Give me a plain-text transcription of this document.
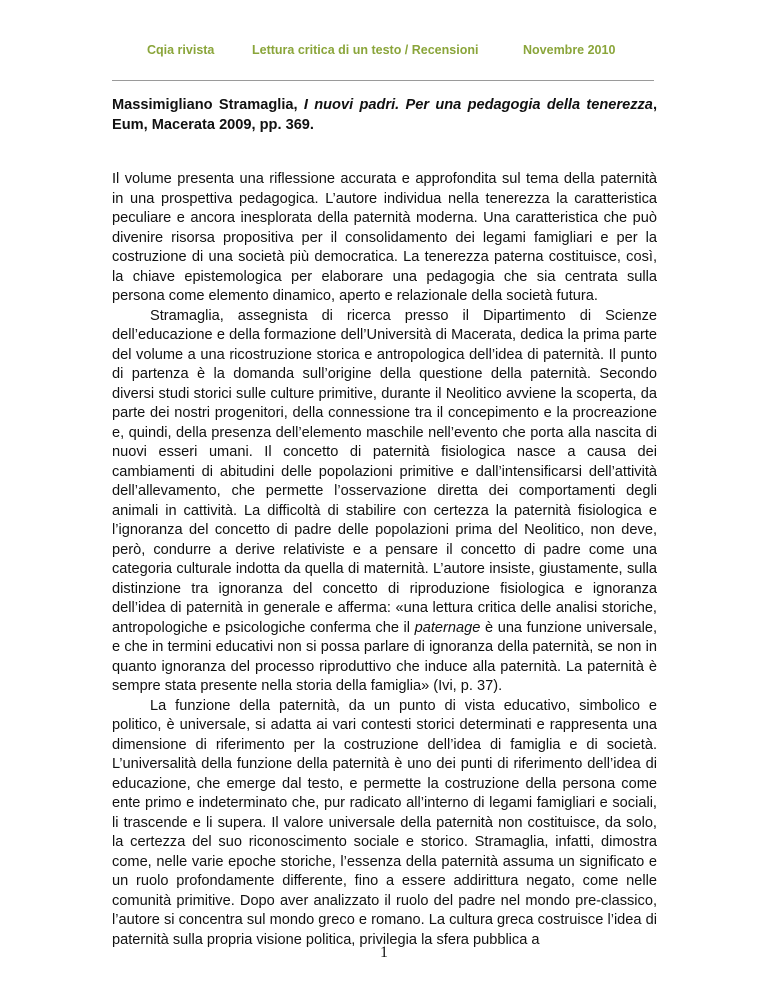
Cqia rivista	Lettura critica di un testo / Recensioni	Novembre 2010

Massimigliano Stramaglia, I nuovi padri. Per una pedagogia della tenerezza, Eum, Macerata 2009, pp. 369.

Il volume presenta una riflessione accurata e approfondita sul tema della paternità in una prospettiva pedagogica. L’autore individua nella tenerezza la caratteristica peculiare e ancora inesplorata della paternità moderna. Una caratteristica che può divenire risorsa propositiva per il consolidamento dei legami famigliari e per la costruzione di una società più democratica. La tenerezza paterna costituisce, così, la chiave epistemologica per elaborare una pedagogia che sia centrata sulla persona come elemento dinamico, aperto e relazionale della società futura.

Stramaglia, assegnista di ricerca presso il Dipartimento di Scienze dell’educazione e della formazione dell’Università di Macerata, dedica la prima parte del volume a una ricostruzione storica e antropologica dell’idea di paternità. Il punto di partenza è la domanda sull’origine della questione della paternità. Secondo diversi studi storici sulle culture primitive, durante il Neolitico avviene la scoperta, da parte dei nostri progenitori, della connessione tra il concepimento e la procreazione e, quindi, della presenza dell’elemento maschile nell’evento che porta alla nascita di nuovi esseri umani. Il concetto di paternità fisiologica nasce a causa dei cambiamenti di abitudini delle popolazioni primitive e dall’intensificarsi dell’attività dell’allevamento, che permette l’osservazione diretta dei comportamenti degli animali in cattività. La difficoltà di stabilire con certezza la paternità fisiologica e l’ignoranza del concetto di padre delle popolazioni prima del Neolitico, non deve, però, condurre a derive relativiste e a pensare il concetto di padre come una categoria culturale indotta da quella di maternità. L’autore insiste, giustamente, sulla distinzione tra ignoranza del concetto di riproduzione fisiologica e ignoranza dell’idea di paternità in generale e afferma: «una lettura critica delle analisi storiche, antropologiche e psicologiche conferma che il paternage è una funzione universale, e che in termini educativi non si possa parlare di ignoranza della paternità, se non in quanto ignoranza del processo riproduttivo che induce alla paternità. La paternità è sempre stata presente nella storia della famiglia» (Ivi, p. 37).

La funzione della paternità, da un punto di vista educativo, simbolico e politico, è universale, si adatta ai vari contesti storici determinati e rappresenta una dimensione di riferimento per la costruzione dell’idea di famiglia e di società. L’universalità della funzione della paternità è uno dei punti di riferimento dell’idea di educazione, che emerge dal testo, e permette la costruzione della persona come ente primo e indeterminato che, pur radicato all’interno di legami famigliari e sociali, li trascende e li supera. Il valore universale della paternità non costituisce, da solo, la certezza del suo riconoscimento sociale e storico. Stramaglia, infatti, dimostra come, nelle varie epoche storiche, l’essenza della paternità assuma un significato e un ruolo profondamente differente, fino a essere addirittura negato, come nelle comunità primitive. Dopo aver analizzato il ruolo del padre nel mondo pre-classico, l’autore si concentra sul mondo greco e romano. La cultura greca costruisce l’idea di paternità sulla propria visione politica, privilegia la sfera pubblica a

1
